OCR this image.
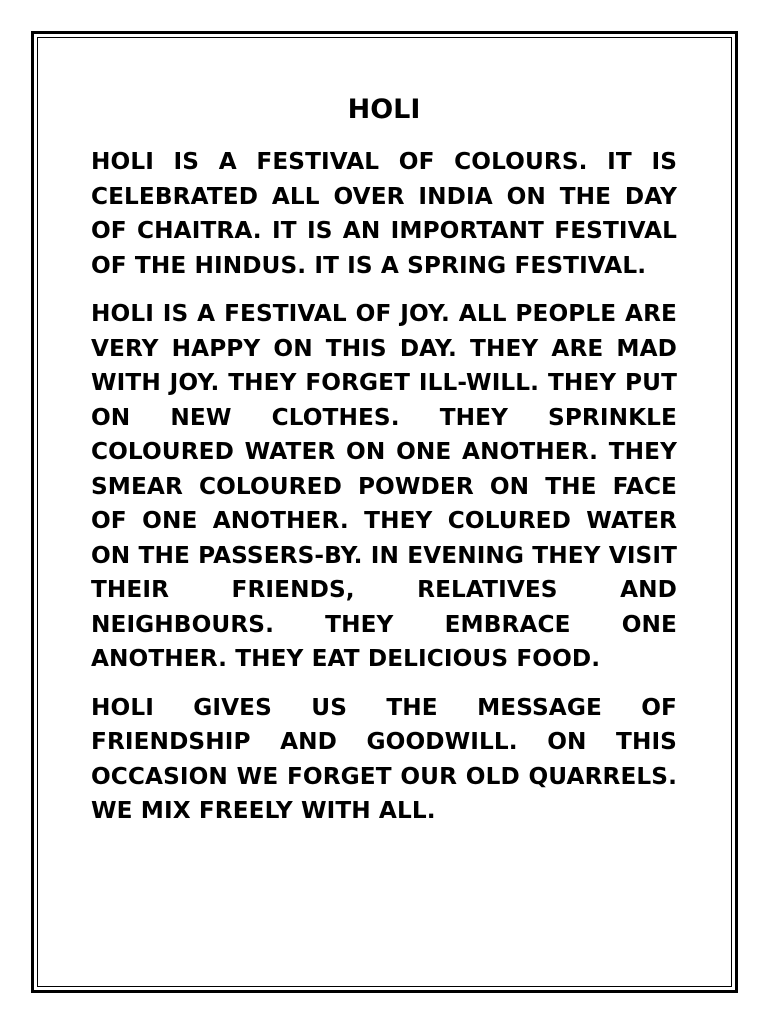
HOLI

HOLI IS A FESTIVAL OF COLOURS. IT IS CELEBRATED ALL OVER INDIA ON THE DAY OF CHAITRA. IT IS AN IMPORTANT FESTIVAL OF THE HINDUS. IT IS A SPRING FESTIVAL.

HOLI IS A FESTIVAL OF JOY. ALL PEOPLE ARE VERY HAPPY ON THIS DAY. THEY ARE MAD WITH JOY. THEY FORGET ILL-WILL. THEY PUT ON NEW CLOTHES. THEY SPRINKLE COLOURED WATER ON ONE ANOTHER. THEY SMEAR COLOURED POWDER ON THE FACE OF ONE ANOTHER. THEY COLURED WATER ON THE PASSERS-BY. IN EVENING THEY VISIT THEIR FRIENDS, RELATIVES AND NEIGHBOURS. THEY EMBRACE ONE ANOTHER. THEY EAT DELICIOUS FOOD.

HOLI GIVES US THE MESSAGE OF FRIENDSHIP AND GOODWILL. ON THIS OCCASION WE FORGET OUR OLD QUARRELS. WE MIX FREELY WITH ALL.
